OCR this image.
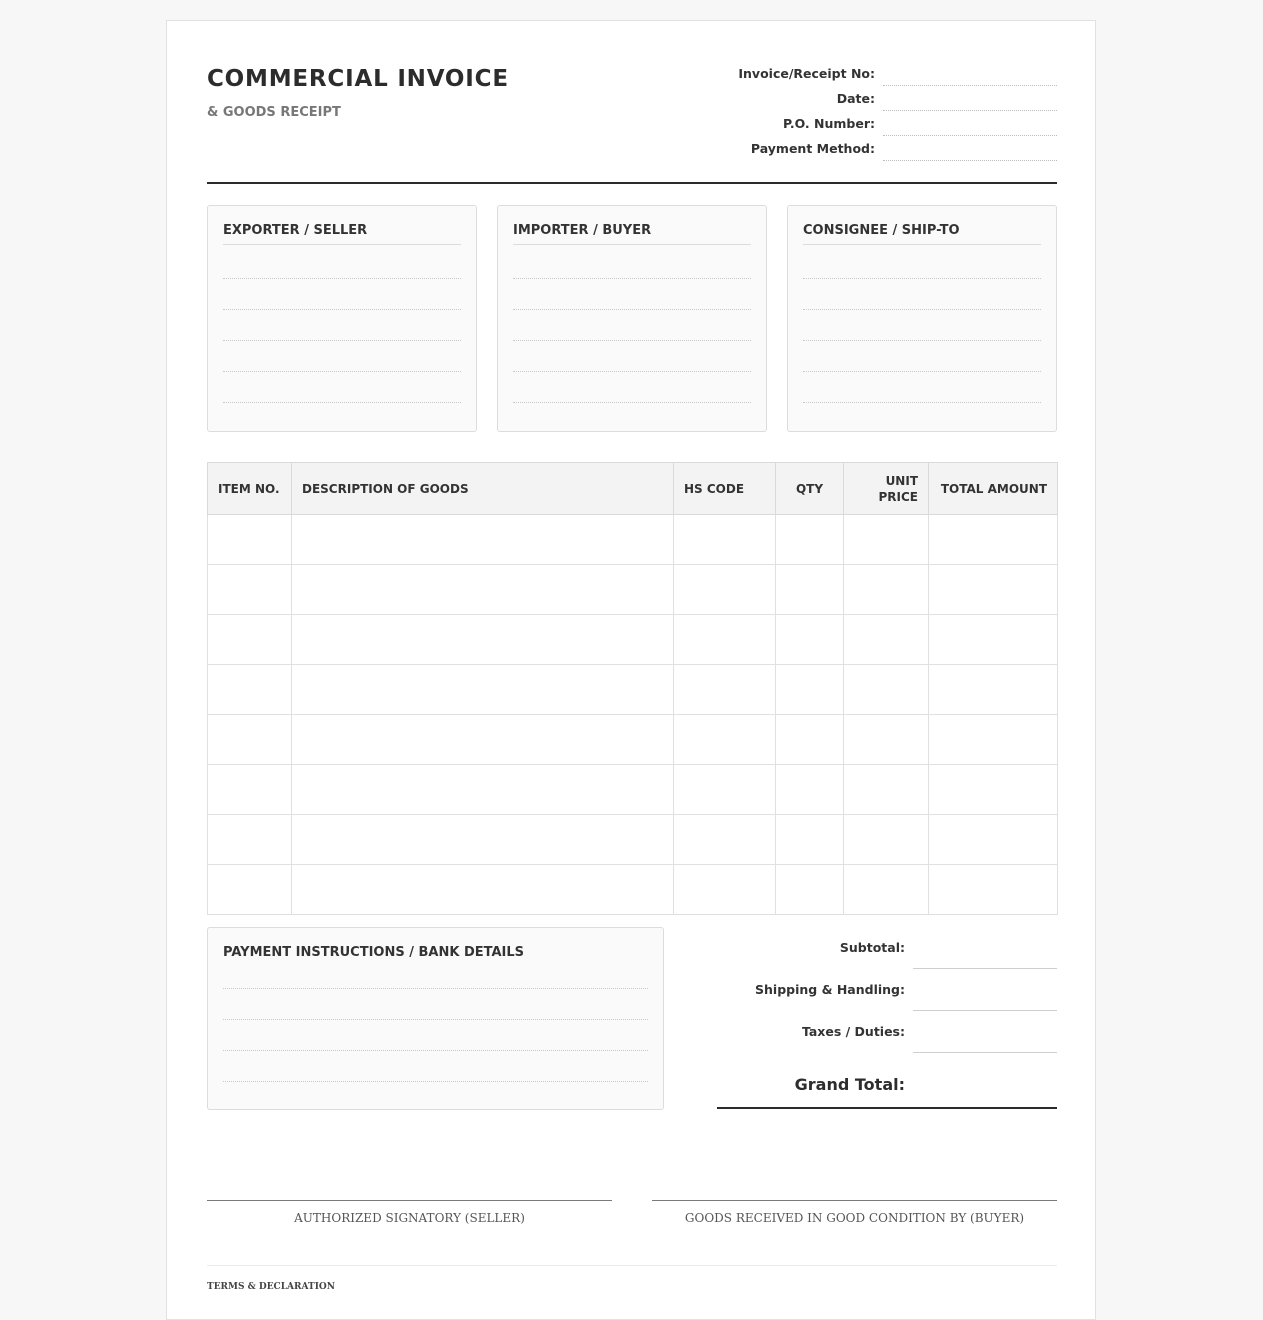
COMMERCIAL INVOICE
& GOODS RECEIPT
Invoice/Receipt No:
Date:
P.O. Number:
Payment Method:
EXPORTER / SELLER	IMPORTER / BUYER	CONSIGNEE / SHIP-TO
ITEM NO.	DESCRIPTION OF GOODS	HS CODE	QTY	UNIT PRICE	TOTAL AMOUNT

PAYMENT INSTRUCTIONS / BANK DETAILS	Subtotal:
Shipping & Handling:
Taxes / Duties:
Grand Total:
AUTHORIZED SIGNATORY (SELLER)	GOODS RECEIVED IN GOOD CONDITION BY (BUYER)
TERMS & DECLARATION
